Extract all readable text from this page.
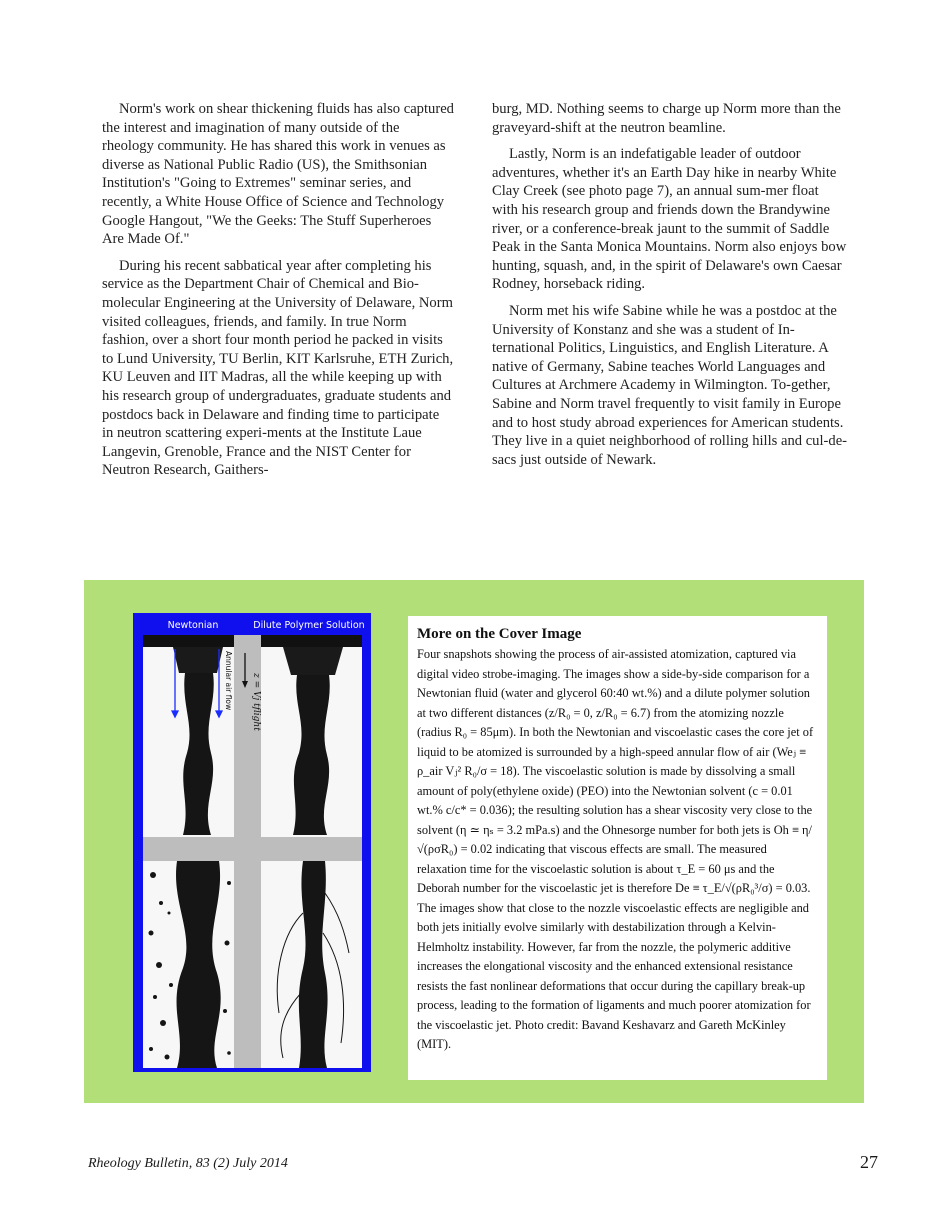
Norm's work on shear thickening fluids has also captured the interest and imagination of many outside of the rheology community. He has shared this work in venues as diverse as National Public Radio (US), the Smithsonian Institution's "Going to Extremes" seminar series, and recently, a White House Office of Science and Technology Google Hangout, "We the Geeks: The Stuff Superheroes Are Made Of."

During his recent sabbatical year after completing his service as the Department Chair of Chemical and Bio-molecular Engineering at the University of Delaware, Norm visited colleagues, friends, and family. In true Norm fashion, over a short four month period he packed in visits to Lund University, TU Berlin, KIT Karlsruhe, ETH Zurich, KU Leuven and IIT Madras, all the while keeping up with his research group of undergraduates, graduate students and postdocs back in Delaware and finding time to participate in neutron scattering experi-ments at the Institute Laue Langevin, Grenoble, France and the NIST Center for Neutron Research, Gaithers-

burg, MD. Nothing seems to charge up Norm more than the graveyard-shift at the neutron beamline.

Lastly, Norm is an indefatigable leader of outdoor adventures, whether it's an Earth Day hike in nearby White Clay Creek (see photo page 7), an annual sum-mer float with his research group and friends down the Brandywine river, or a conference-break jaunt to the summit of Saddle Peak in the Santa Monica Mountains. Norm also enjoys bow hunting, squash, and, in the spirit of Delaware's own Caesar Rodney, horseback riding.

Norm met his wife Sabine while he was a postdoc at the University of Konstanz and she was a student of In-ternational Politics, Linguistics, and English Literature. A native of Germany, Sabine teaches World Languages and Cultures at Archmere Academy in Wilmington. To-gether, Sabine and Norm travel frequently to visit family in Europe and to host study abroad experiences for American students. They live in a quiet neighborhood of rolling hills and cul-de-sacs just outside of Newark.

Newtonian	Dilute Polymer Solution
Annular air flow z = Vj tflight

More on the Cover Image

Four snapshots showing the process of air-assisted atomization, captured via digital video strobe-imaging. The images show a side-by-side comparison for a Newtonian fluid (water and glycerol 60:40 wt.%) and a dilute polymer solution at two different distances (z/R₀ = 0, z/R₀ = 6.7) from the atomizing nozzle (radius R₀ = 85μm). In both the Newtonian and viscoelastic cases the core jet of liquid to be atomized is surrounded by a high-speed annular flow of air (Weⱼ ≡ ρ_air Vⱼ² R₀/σ = 18). The viscoelastic solution is made by dissolving a small amount of poly(ethylene oxide) (PEO) into the Newtonian solvent (c = 0.01 wt.% c/c* = 0.036); the resulting solution has a shear viscosity very close to the solvent (η ≃ ηₛ = 3.2 mPa.s) and the Ohnesorge number for both jets is Oh ≡ η/√(ρσR₀) = 0.02 indicating that viscous effects are small. The measured relaxation time for the viscoelastic solution is about τ_E = 60 μs and the Deborah number for the viscoelastic jet is therefore De ≡ τ_E/√(ρR₀³/σ) = 0.03. The images show that close to the nozzle viscoelastic effects are negligible and both jets initially evolve similarly with destabilization through a Kelvin-Helmholtz instability. However, far from the nozzle, the polymeric additive increases the elongational viscosity and the enhanced extensional resistance resists the fast nonlinear deformations that occur during the capillary break-up process, leading to the formation of ligaments and much poorer atomization for the viscoelastic jet. Photo credit: Bavand Keshavarz and Gareth McKinley (MIT).

Rheology Bulletin, 83 (2) July 2014	27
